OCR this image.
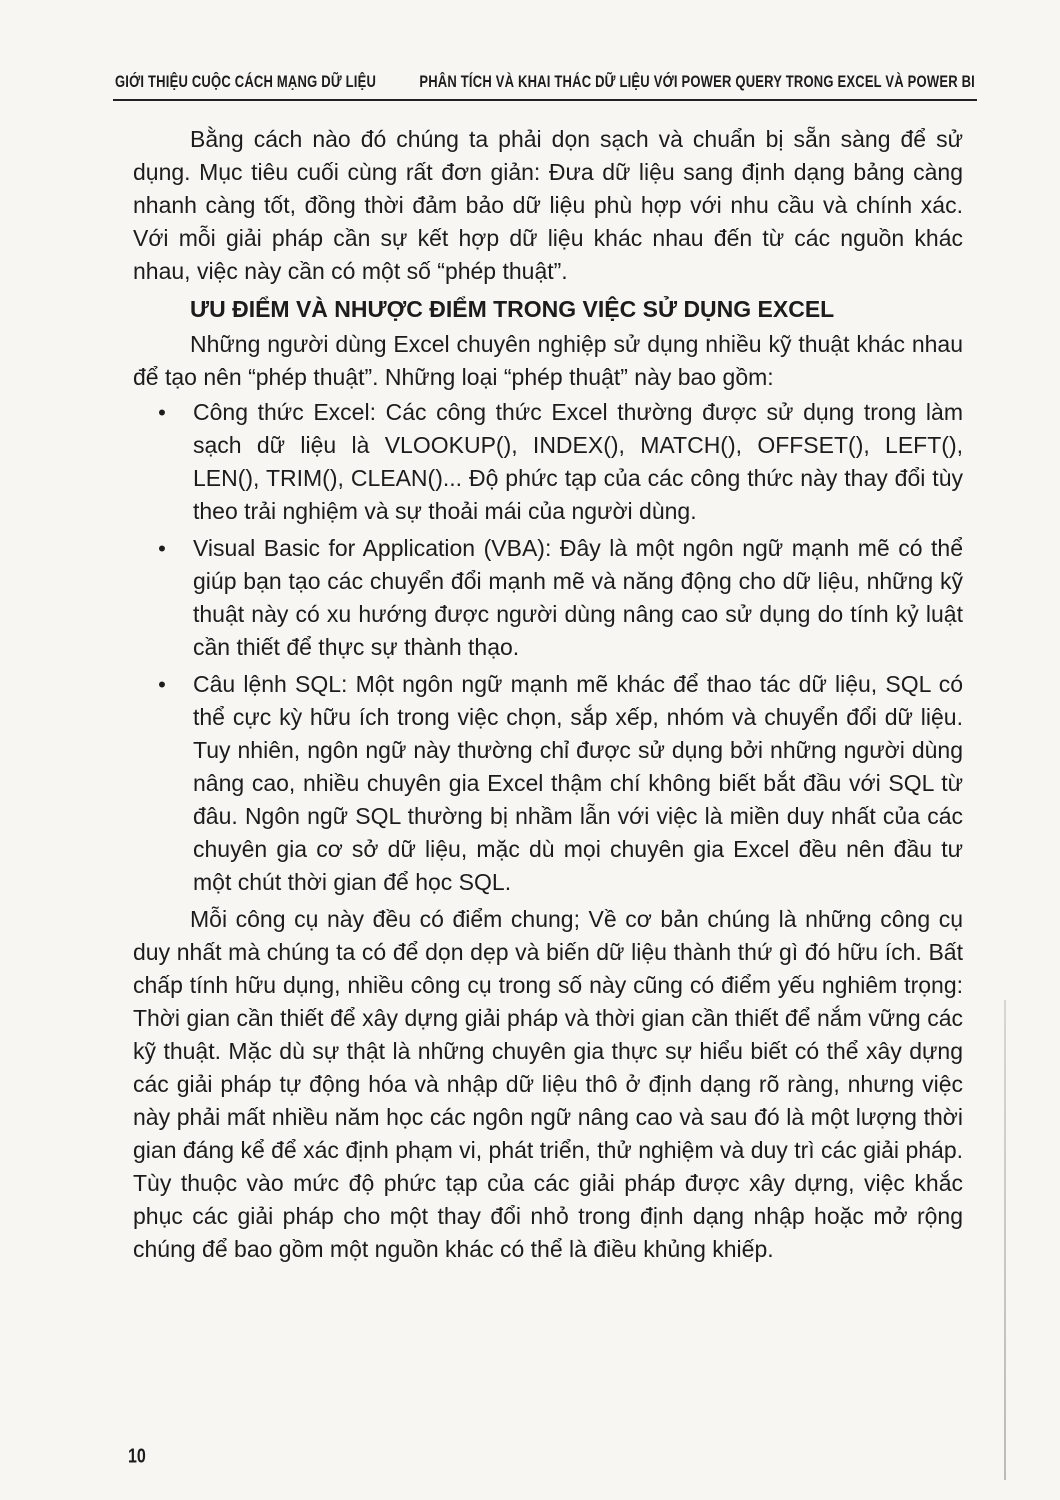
GIỚI THIỆU CUỘC CÁCH MẠNG DỮ LIỆU	PHÂN TÍCH VÀ KHAI THÁC DỮ LIỆU VỚI POWER QUERY TRONG EXCEL VÀ POWER BI

Bằng cách nào đó chúng ta phải dọn sạch và chuẩn bị sẵn sàng để sử dụng. Mục tiêu cuối cùng rất đơn giản: Đưa dữ liệu sang định dạng bảng càng nhanh càng tốt, đồng thời đảm bảo dữ liệu phù hợp với nhu cầu và chính xác. Với mỗi giải pháp cần sự kết hợp dữ liệu khác nhau đến từ các nguồn khác nhau, việc này cần có một số “phép thuật”.

ƯU ĐIỂM VÀ NHƯỢC ĐIỂM TRONG VIỆC SỬ DỤNG EXCEL

Những người dùng Excel chuyên nghiệp sử dụng nhiều kỹ thuật khác nhau để tạo nên “phép thuật”. Những loại “phép thuật” này bao gồm:

• Công thức Excel: Các công thức Excel thường được sử dụng trong làm sạch dữ liệu là VLOOKUP(), INDEX(), MATCH(), OFFSET(), LEFT(), LEN(), TRIM(), CLEAN()... Độ phức tạp của các công thức này thay đổi tùy theo trải nghiệm và sự thoải mái của người dùng.
• Visual Basic for Application (VBA): Đây là một ngôn ngữ mạnh mẽ có thể giúp bạn tạo các chuyển đổi mạnh mẽ và năng động cho dữ liệu, những kỹ thuật này có xu hướng được người dùng nâng cao sử dụng do tính kỷ luật cần thiết để thực sự thành thạo.
• Câu lệnh SQL: Một ngôn ngữ mạnh mẽ khác để thao tác dữ liệu, SQL có thể cực kỳ hữu ích trong việc chọn, sắp xếp, nhóm và chuyển đổi dữ liệu. Tuy nhiên, ngôn ngữ này thường chỉ được sử dụng bởi những người dùng nâng cao, nhiều chuyên gia Excel thậm chí không biết bắt đầu với SQL từ đâu. Ngôn ngữ SQL thường bị nhầm lẫn với việc là miền duy nhất của các chuyên gia cơ sở dữ liệu, mặc dù mọi chuyên gia Excel đều nên đầu tư một chút thời gian để học SQL.

Mỗi công cụ này đều có điểm chung; Về cơ bản chúng là những công cụ duy nhất mà chúng ta có để dọn dẹp và biến dữ liệu thành thứ gì đó hữu ích. Bất chấp tính hữu dụng, nhiều công cụ trong số này cũng có điểm yếu nghiêm trọng: Thời gian cần thiết để xây dựng giải pháp và thời gian cần thiết để nắm vững các kỹ thuật. Mặc dù sự thật là những chuyên gia thực sự hiểu biết có thể xây dựng các giải pháp tự động hóa và nhập dữ liệu thô ở định dạng rõ ràng, nhưng việc này phải mất nhiều năm học các ngôn ngữ nâng cao và sau đó là một lượng thời gian đáng kể để xác định phạm vi, phát triển, thử nghiệm và duy trì các giải pháp. Tùy thuộc vào mức độ phức tạp của các giải pháp được xây dựng, việc khắc phục các giải pháp cho một thay đổi nhỏ trong định dạng nhập hoặc mở rộng chúng để bao gồm một nguồn khác có thể là điều khủng khiếp.

10
